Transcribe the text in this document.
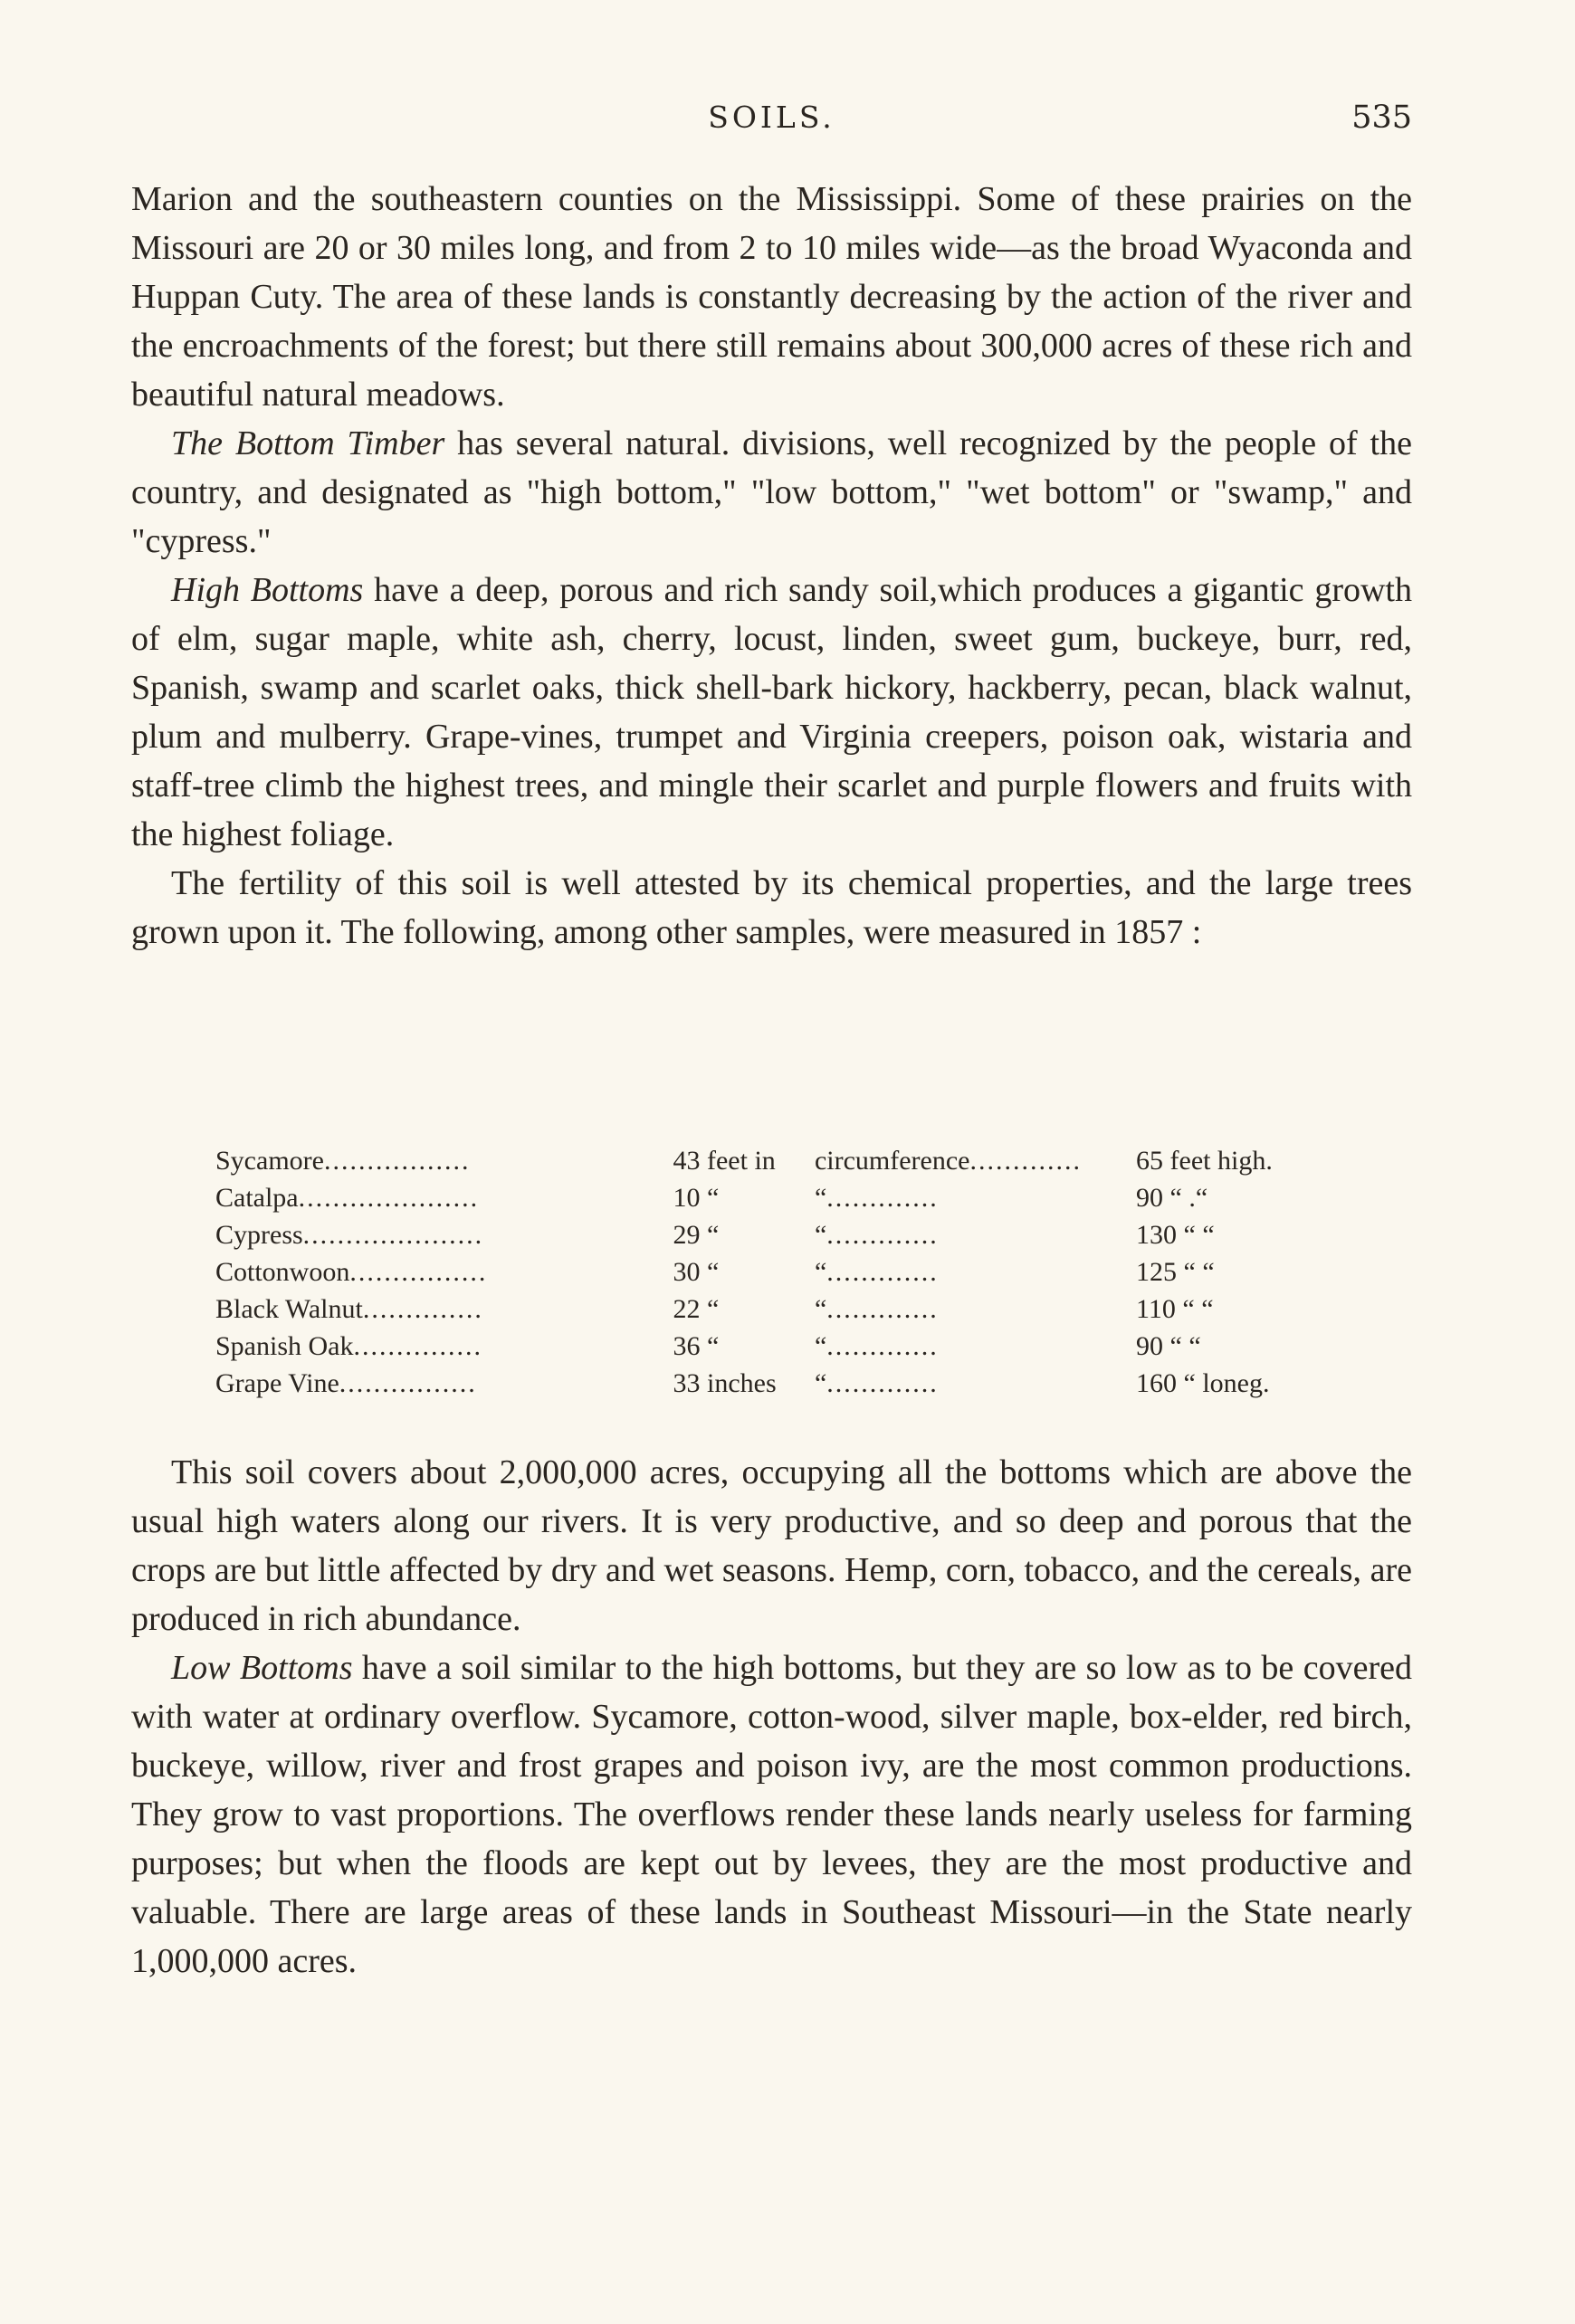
SOILS.	535

Marion and the southeastern counties on the Mississippi. Some of these prairies on the Missouri are 20 or 30 miles long, and from 2 to 10 miles wide—as the broad Wyaconda and Huppan Cuty. The area of these lands is constantly decreasing by the action of the river and the encroachments of the forest; but there still remains about 300,000 acres of these rich and beautiful natural meadows.

The Bottom Timber has several natural. divisions, well recognized by the people of the country, and designated as "high bottom," "low bottom," "wet bottom" or "swamp," and "cypress."

High Bottoms have a deep, porous and rich sandy soil,which produces a gigantic growth of elm, sugar maple, white ash, cherry, locust, linden, sweet gum, buckeye, burr, red, Spanish, swamp and scarlet oaks, thick shell-bark hickory, hackberry, pecan, black walnut, plum and mulberry. Grape-vines, trumpet and Virginia creepers, poison oak, wistaria and staff-tree climb the highest trees, and mingle their scarlet and purple flowers and fruits with the highest foliage.

The fertility of this soil is well attested by its chemical properties, and the large trees grown upon it. The following, among other samples, were measured in 1857 :

Sycamore.................	43 feet in	circumference.............	65 feet high.
Catalpa.....................	10 “	“.............	90 “ .“
Cypress.....................	29 “	“.............	130 “ “
Cottonwoon................	30 “	“.............	125 “ “
Black Walnut..............	22 “	“.............	110 “ “
Spanish Oak...............	36 “	“.............	90 “ “
Grape Vine................	33 inches	“.............	160 “ loneg.

This soil covers about 2,000,000 acres, occupying all the bottoms which are above the usual high waters along our rivers. It is very productive, and so deep and porous that the crops are but little affected by dry and wet seasons. Hemp, corn, tobacco, and the cereals, are produced in rich abundance.

Low Bottoms have a soil similar to the high bottoms, but they are so low as to be covered with water at ordinary overflow. Sycamore, cotton-wood, silver maple, box-elder, red birch, buckeye, willow, river and frost grapes and poison ivy, are the most common productions. They grow to vast proportions. The overflows render these lands nearly useless for farming purposes; but when the floods are kept out by levees, they are the most productive and valuable. There are large areas of these lands in Southeast Missouri—in the State nearly 1,000,000 acres.
